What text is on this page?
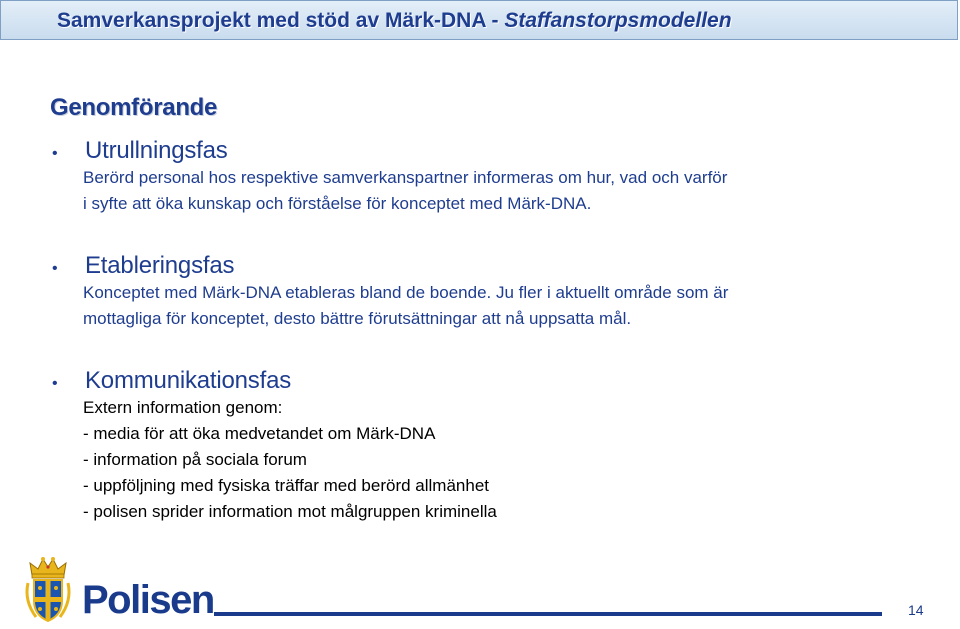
Samverkansprojekt med stöd av Märk-DNA - Staffanstorpsmodellen
Genomförande
•	Utrullningsfas
Berörd personal hos respektive samverkanspartner informeras om hur, vad och varför
i syfte att öka kunskap och förståelse för konceptet med Märk-DNA.
•	Etableringsfas
Konceptet med Märk-DNA etableras bland de boende. Ju fler i aktuellt område som är
mottagliga för konceptet, desto bättre förutsättningar att nå uppsatta mål.
•	Kommunikationsfas
Extern information genom:
- media för att öka medvetandet om Märk-DNA
- information på sociala forum
- uppföljning med fysiska träffar med berörd allmänhet
- polisen sprider information mot målgruppen kriminella
Polisen	14
